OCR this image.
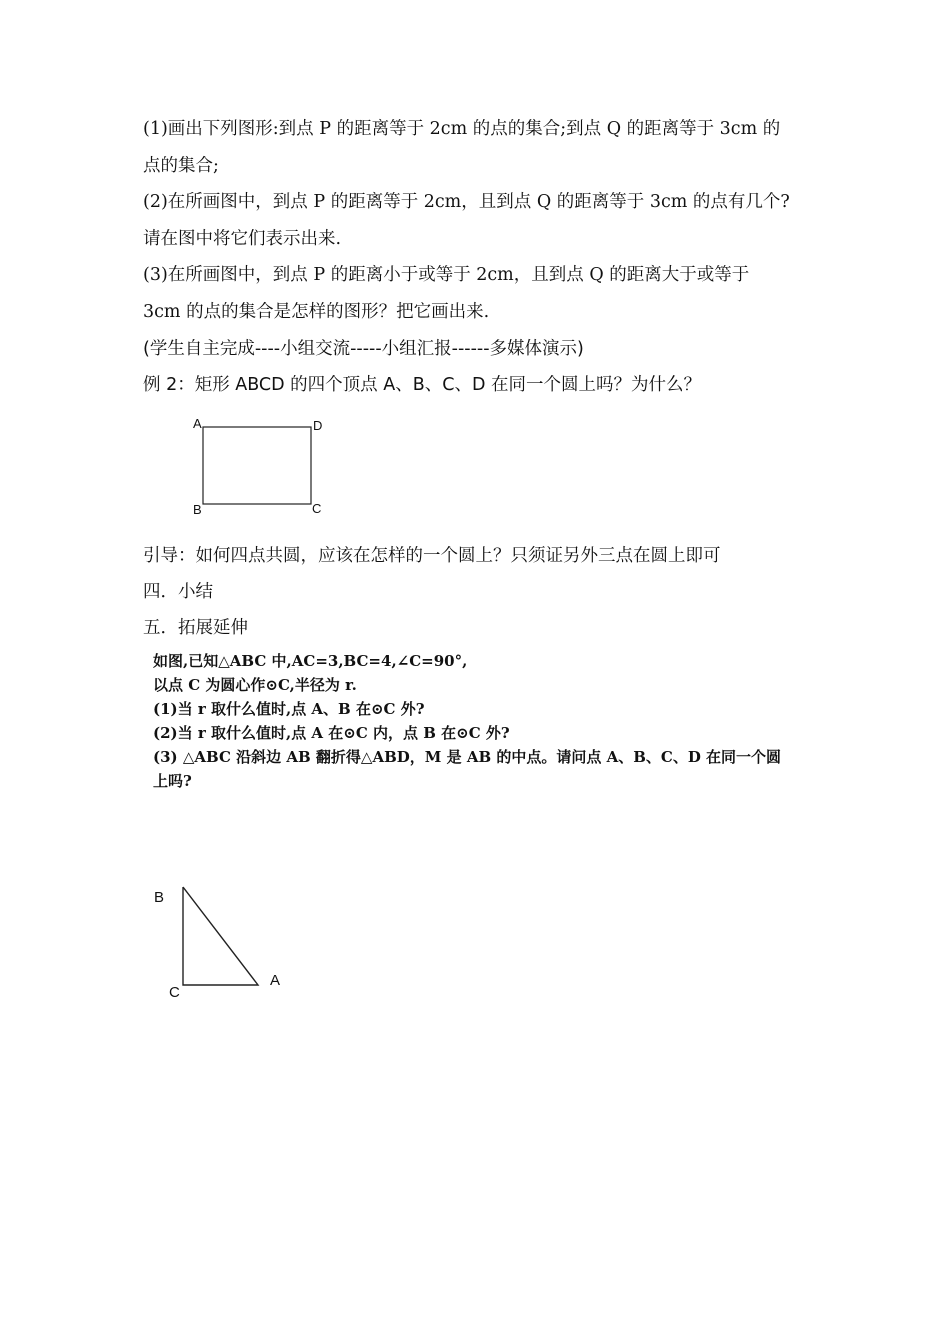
(1)画出下列图形:到点 P 的距离等于 2cm 的点的集合;到点 Q 的距离等于 3cm 的
点的集合;
(2)在所画图中，到点 P 的距离等于 2cm，且到点 Q 的距离等于 3cm 的点有几个?
请在图中将它们表示出来.
(3)在所画图中，到点 P 的距离小于或等于 2cm，且到点 Q 的距离大于或等于
3cm 的点的集合是怎样的图形？把它画出来.
(学生自主完成----小组交流-----小组汇报------多媒体演示)
例 2：矩形 ABCD 的四个顶点 A、B、C、D 在同一个圆上吗？为什么？
A	D
B	C
引导：如何四点共圆，应该在怎样的一个圆上？只须证另外三点在圆上即可
四．小结
五．拓展延伸
如图,已知△ABC 中,AC=3,BC=4,∠C=90°,
以点 C 为圆心作⊙C,半径为 r.
(1)当 r 取什么值时,点 A、B 在⊙C 外?
(2)当 r 取什么值时,点 A 在⊙C 内，点 B 在⊙C 外?
(3) △ABC 沿斜边 AB 翻折得△ABD，M 是 AB 的中点。请问点 A、B、C、D 在同一个圆
上吗?
B
C
A
